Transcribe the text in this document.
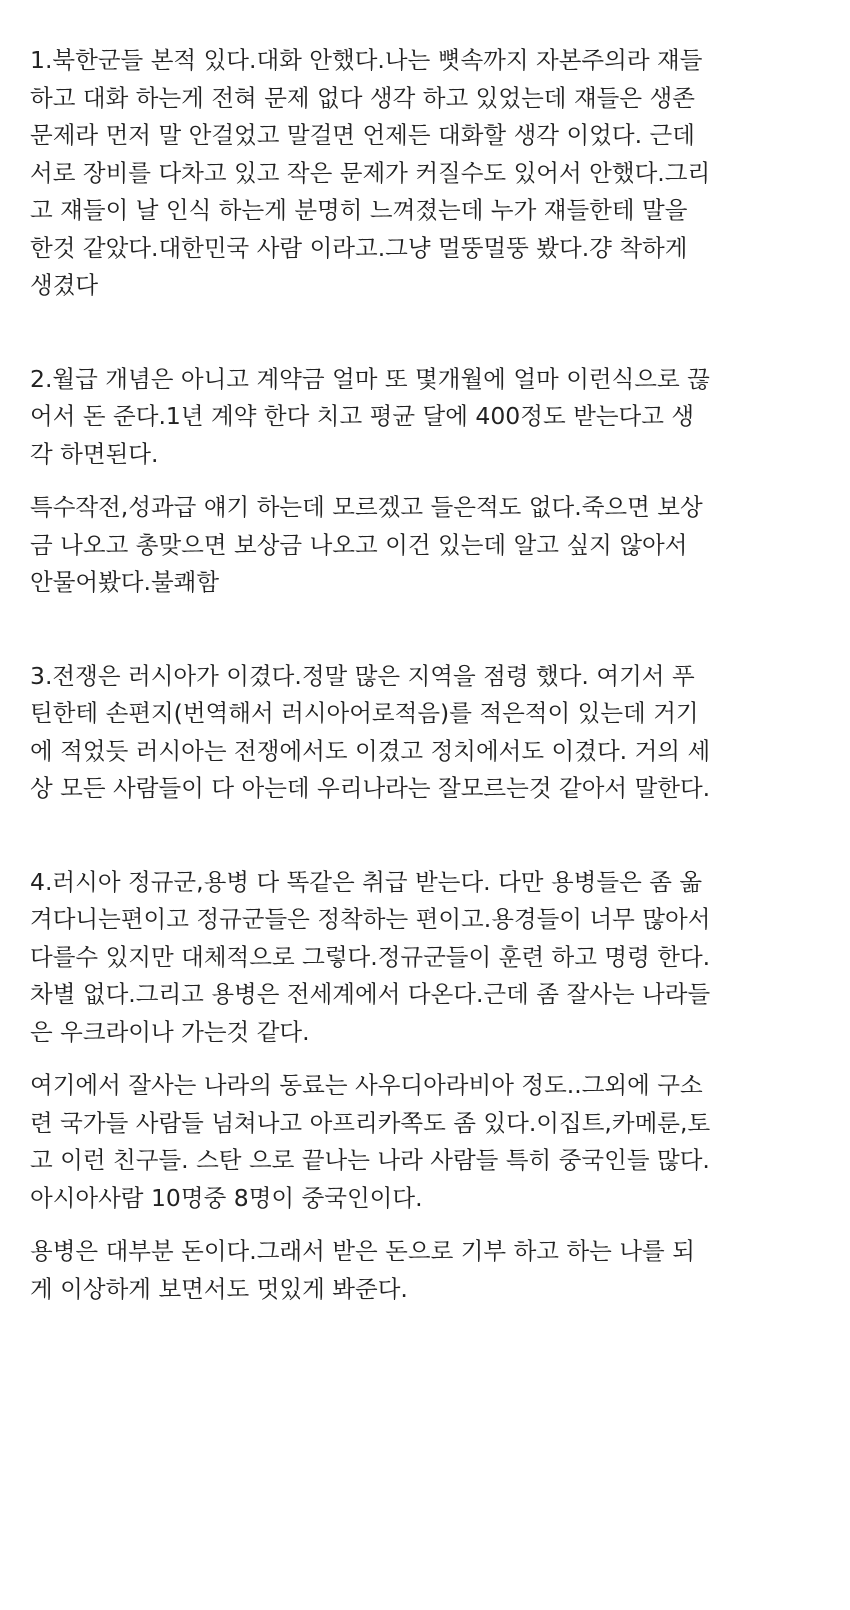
1.북한군들 본적 있다.대화 안했다.나는 뼛속까지 자본주의라 쟤들
하고 대화 하는게 전혀 문제 없다 생각 하고 있었는데 쟤들은 생존
문제라 먼저 말 안걸었고 말걸면 언제든 대화할 생각 이었다. 근데
서로 장비를 다차고 있고 작은 문제가 커질수도 있어서 안했다.그리
고 쟤들이 날 인식 하는게 분명히 느껴졌는데 누가 쟤들한테 말을
한것 같았다.대한민국 사람 이라고.그냥 멀뚱멀뚱 봤다.걍 착하게
생겼다

2.월급 개념은 아니고 계약금 얼마 또 몇개월에 얼마 이런식으로 끊
어서 돈 준다.1년 계약 한다 치고 평균 달에 400정도 받는다고 생
각 하면된다.

특수작전,성과급 얘기 하는데 모르겠고 들은적도 없다.죽으면 보상
금 나오고 총맞으면 보상금 나오고 이건 있는데 알고 싶지 않아서
안물어봤다.불쾌함

3.전쟁은 러시아가 이겼다.정말 많은 지역을 점령 했다. 여기서 푸
틴한테 손편지(번역해서 러시아어로적음)를 적은적이 있는데 거기
에 적었듯 러시아는 전쟁에서도 이겼고 정치에서도 이겼다. 거의 세
상 모든 사람들이 다 아는데 우리나라는 잘모르는것 같아서 말한다.

4.러시아 정규군,용병 다 똑같은 취급 받는다. 다만 용병들은 좀 옮
겨다니는편이고 정규군들은 정착하는 편이고.용경들이 너무 많아서
다를수 있지만 대체적으로 그렇다.정규군들이 훈련 하고 명령 한다.
차별 없다.그리고 용병은 전세계에서 다온다.근데 좀 잘사는 나라들
은 우크라이나 가는것 같다.

여기에서 잘사는 나라의 동료는 사우디아라비아 정도..그외에 구소
련 국가들 사람들 넘쳐나고 아프리카쪽도 좀 있다.이집트,카메룬,토
고 이런 친구들. 스탄 으로 끝나는 나라 사람들 특히 중국인들 많다.
아시아사람 10명중 8명이 중국인이다.

용병은 대부분 돈이다.그래서 받은 돈으로 기부 하고 하는 나를 되
게 이상하게 보면서도 멋있게 봐준다.
